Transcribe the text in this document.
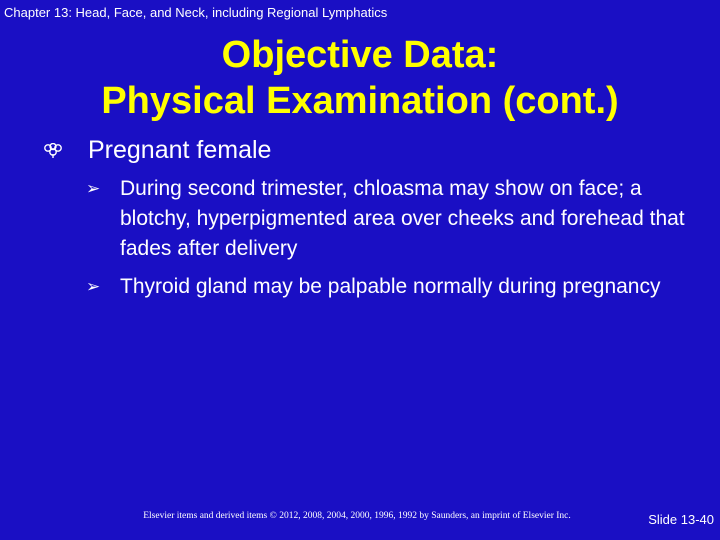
Chapter 13: Head, Face, and Neck, including Regional Lymphatics
Objective Data:
Physical Examination (cont.)
Pregnant female
➢ During second trimester, chloasma may show on face; a blotchy, hyperpigmented area over cheeks and forehead that fades after delivery
➢ Thyroid gland may be palpable normally during pregnancy
Elsevier items and derived items © 2012, 2008, 2004, 2000, 1996, 1992 by Saunders, an imprint of Elsevier Inc.	Slide 13-40
